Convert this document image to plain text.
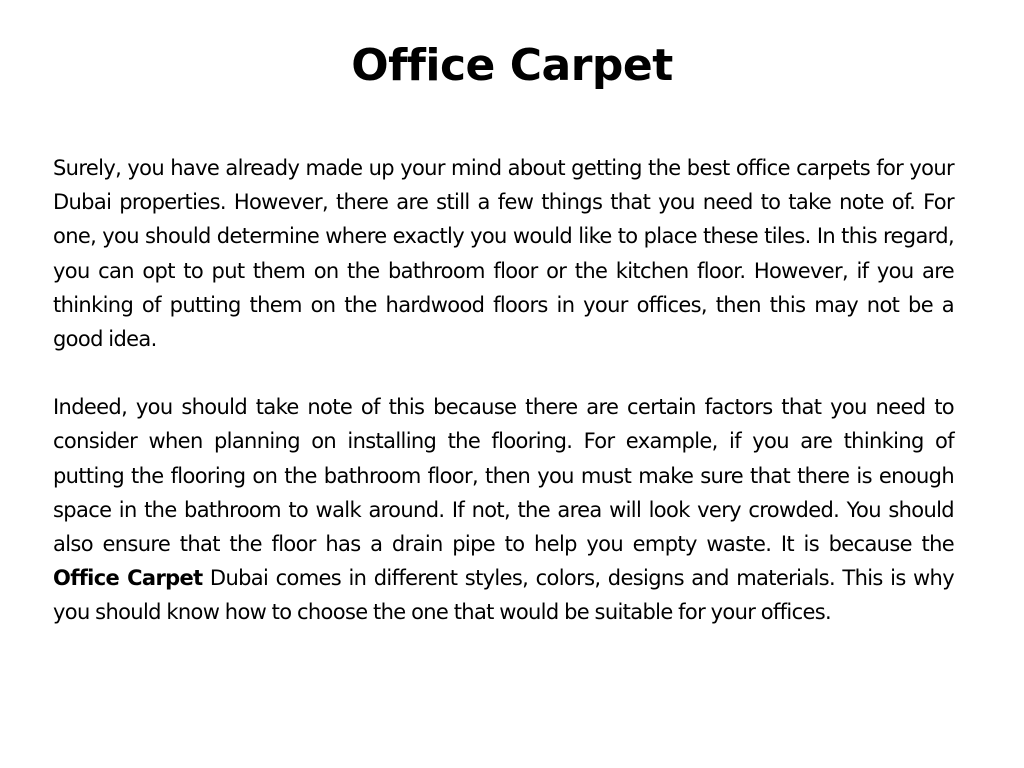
Office Carpet

Surely, you have already made up your mind about getting the best office carpets for your Dubai properties. However, there are still a few things that you need to take note of. For one, you should determine where exactly you would like to place these tiles. In this regard, you can opt to put them on the bathroom floor or the kitchen floor. However, if you are thinking of putting them on the hardwood floors in your offices, then this may not be a good idea.

Indeed, you should take note of this because there are certain factors that you need to consider when planning on installing the flooring. For example, if you are thinking of putting the flooring on the bathroom floor, then you must make sure that there is enough space in the bathroom to walk around. If not, the area will look very crowded. You should also ensure that the floor has a drain pipe to help you empty waste. It is because the Office Carpet Dubai comes in different styles, colors, designs and materials. This is why you should know how to choose the one that would be suitable for your offices.
